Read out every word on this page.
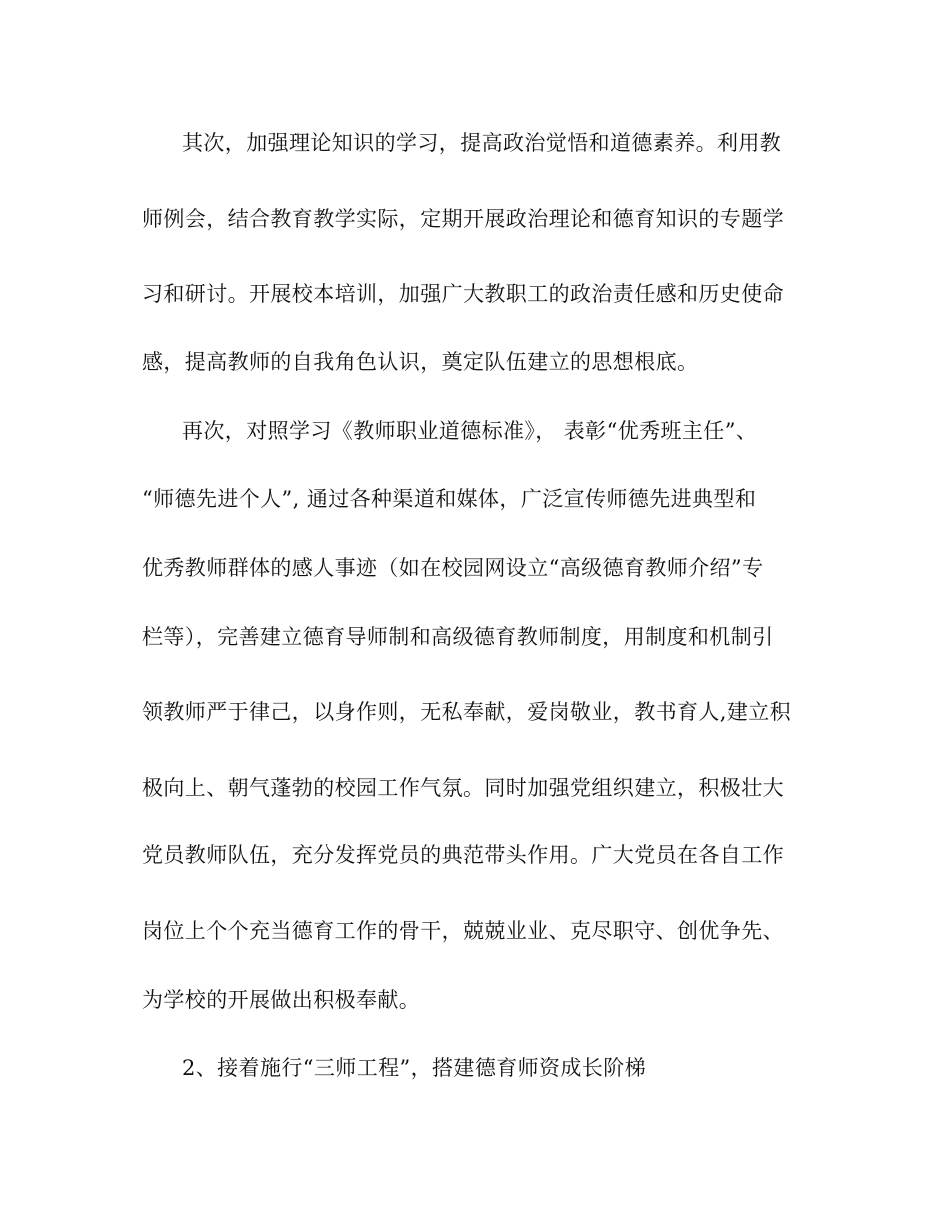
其次，加强理论知识的学习，提高政治觉悟和道德素养。利用教
师例会，结合教育教学实际，定期开展政治理论和德育知识的专题学
习和研讨。开展校本培训，加强广大教职工的政治责任感和历史使命
感，提高教师的自我角色认识，奠定队伍建立的思想根底。
再次，对照学习《教师职业道德标准》， 表彰“优秀班主任”、
“师德先进个人”, 通过各种渠道和媒体，广泛宣传师德先进典型和
优秀教师群体的感人事迹（如在校园网设立“高级德育教师介绍”专
栏等），完善建立德育导师制和高级德育教师制度，用制度和机制引
领教师严于律己，以身作则，无私奉献，爱岗敬业，教书育人,建立积
极向上、朝气蓬勃的校园工作气氛。同时加强党组织建立，积极壮大
党员教师队伍，充分发挥党员的典范带头作用。广大党员在各自工作
岗位上个个充当德育工作的骨干，兢兢业业、克尽职守、创优争先、
为学校的开展做出积极奉献。
2、接着施行“三师工程”，搭建德育师资成长阶梯
